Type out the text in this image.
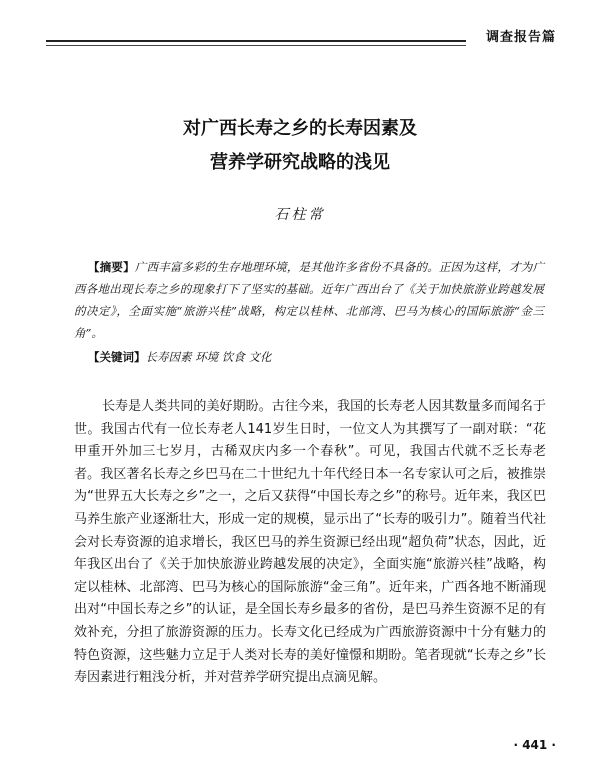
调查报告篇
对广西长寿之乡的长寿因素及
营养学研究战略的浅见
石柱常
【摘要】广西丰富多彩的生存地理环境，是其他许多省份不具备的。正因为这样，才为广西各地出现长寿之乡的现象打下了坚实的基础。近年广西出台了《关于加快旅游业跨越发展的决定》，全面实施“旅游兴桂”战略，构定以桂林、北部湾、巴马为核心的国际旅游“金三角”。
【关键词】长寿因素 环境 饮食 文化
长寿是人类共同的美好期盼。古往今来，我国的长寿老人因其数量多而闻名于世。我国古代有一位长寿老人141岁生日时，一位文人为其撰写了一副对联：“花甲重开外加三七岁月，古稀双庆内多一个春秋”。可见，我国古代就不乏长寿老者。我区著名长寿之乡巴马在二十世纪九十年代经日本一名专家认可之后，被推崇为“世界五大长寿之乡”之一，之后又获得“中国长寿之乡”的称号。近年来，我区巴马养生旅产业逐渐壮大，形成一定的规模，显示出了“长寿的吸引力”。随着当代社会对长寿资源的追求增长，我区巴马的养生资源已经出现“超负荷”状态，因此，近年我区出台了《关于加快旅游业跨越发展的决定》，全面实施“旅游兴桂”战略，构定以桂林、北部湾、巴马为核心的国际旅游“金三角”。近年来，广西各地不断涌现出对“中国长寿之乡”的认证，是全国长寿乡最多的省份，是巴马养生资源不足的有效补充，分担了旅游资源的压力。长寿文化已经成为广西旅游资源中十分有魅力的特色资源，这些魅力立足于人类对长寿的美好憧憬和期盼。笔者现就“长寿之乡”长寿因素进行粗浅分析，并对营养学研究提出点滴见解。
· 441 ·
